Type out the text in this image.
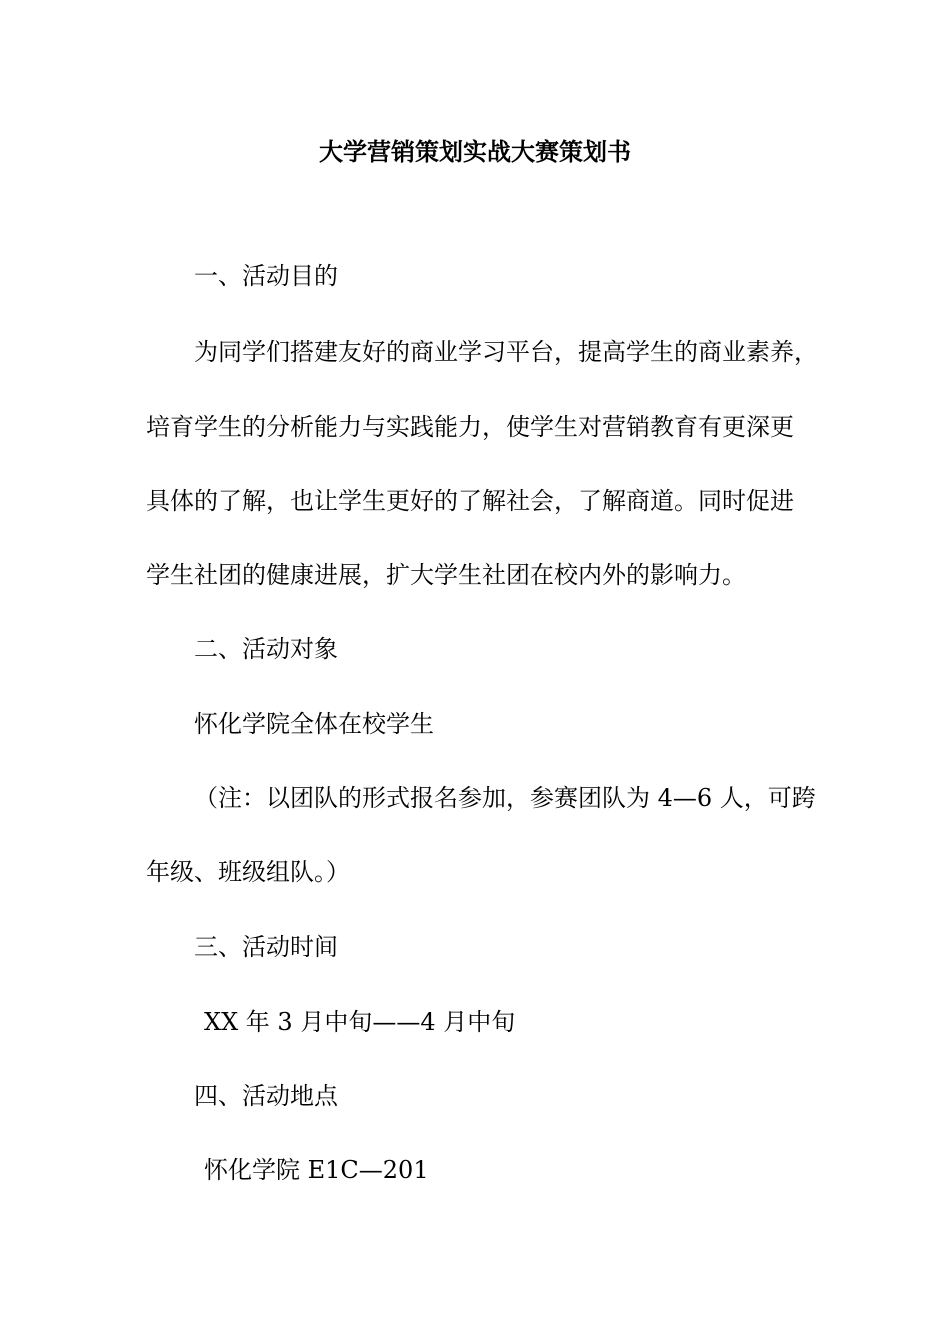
大学营销策划实战大赛策划书
一、活动目的
为同学们搭建友好的商业学习平台，提高学生的商业素养，
培育学生的分析能力与实践能力，使学生对营销教育有更深更
具体的了解，也让学生更好的了解社会，了解商道。同时促进
学生社团的健康进展，扩大学生社团在校内外的影响力。
二、活动对象
怀化学院全体在校学生
（注：以团队的形式报名参加，参赛团队为 4—6 人，可跨
年级、班级组队。）
三、活动时间
XX 年 3 月中旬——4 月中旬
四、活动地点
怀化学院 E1C—201
